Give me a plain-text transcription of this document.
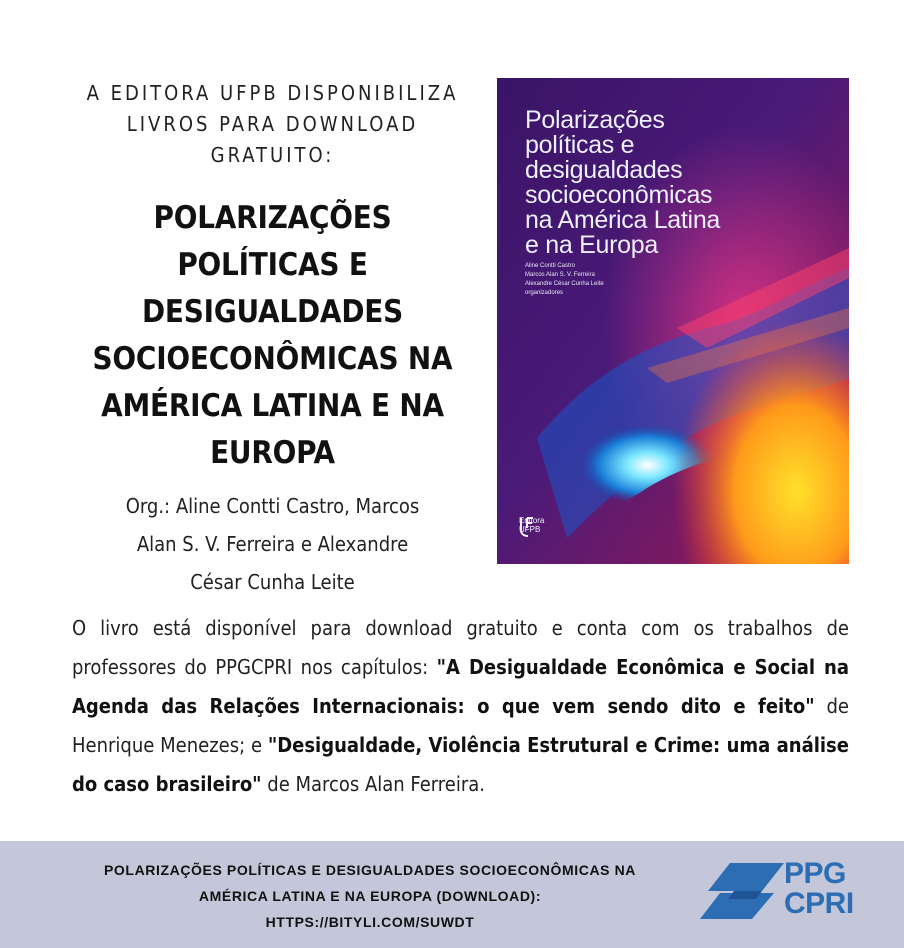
A EDITORA UFPB DISPONIBILIZA
LIVROS PARA DOWNLOAD
GRATUITO:
POLARIZAÇÕES POLÍTICAS E
DESIGUALDADES
SOCIOECONÔMICAS NA
AMÉRICA LATINA E NA
EUROPA
Org.: Aline Contti Castro, Marcos
Alan S. V. Ferreira e Alexandre
César Cunha Leite
Polarizações
políticas e
desigualdades
socioeconômicas
na América Latina
e na Europa
Aline Contti Castro
Marcos Alan S. V. Ferreira
Alexandre César Cunha Leite
organizadores
Editora
UFPB

O livro está disponível para download gratuito e conta com os trabalhos de professores do PPGCPRI nos capítulos: "A Desigualdade Econômica e Social na Agenda das Relações Internacionais: o que vem sendo dito e feito" de Henrique Menezes; e "Desigualdade, Violência Estrutural e Crime: uma análise do caso brasileiro" de Marcos Alan Ferreira.

POLARIZAÇÕES POLÍTICAS E DESIGUALDADES SOCIOECONÔMICAS NA
AMÉRICA LATINA E NA EUROPA (DOWNLOAD):
HTTPS://BITYLI.COM/SUWDT
PPG
CPRI
